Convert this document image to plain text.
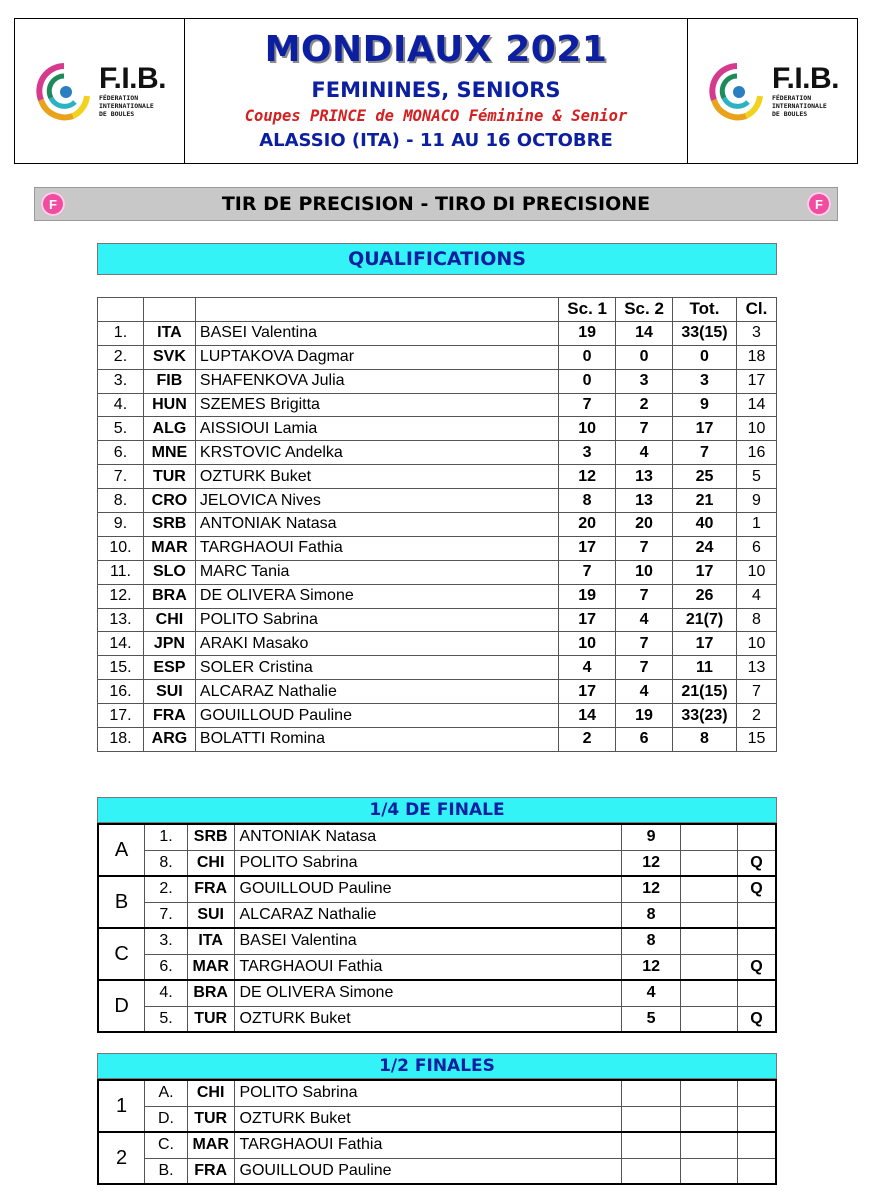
F.I.B.
FÉDERATION
INTERNATIONALE
DE BOULES
MONDIAUX 2021
FEMININES, SENIORS
Coupes PRINCE de MONACO Féminine & Senior
ALASSIO (ITA) - 11 AU 16 OCTOBRE
F.I.B.
FÉDERATION
INTERNATIONALE
DE BOULES
F	TIR DE PRECISION - TIRO DI PRECISIONE	F
QUALIFICATIONS
			Sc. 1	Sc. 2	Tot.	Cl.
1.	ITA	BASEI Valentina	19	14	33(15)	3
2.	SVK	LUPTAKOVA Dagmar	0	0	0	18
3.	FIB	SHAFENKOVA Julia	0	3	3	17
4.	HUN	SZEMES Brigitta	7	2	9	14
5.	ALG	AISSIOUI Lamia	10	7	17	10
6.	MNE	KRSTOVIC Andelka	3	4	7	16
7.	TUR	OZTURK Buket	12	13	25	5
8.	CRO	JELOVICA Nives	8	13	21	9
9.	SRB	ANTONIAK Natasa	20	20	40	1
10.	MAR	TARGHAOUI Fathia	17	7	24	6
11.	SLO	MARC Tania	7	10	17	10
12.	BRA	DE OLIVERA Simone	19	7	26	4
13.	CHI	POLITO Sabrina	17	4	21(7)	8
14.	JPN	ARAKI Masako	10	7	17	10
15.	ESP	SOLER Cristina	4	7	11	13
16.	SUI	ALCARAZ Nathalie	17	4	21(15)	7
17.	FRA	GOUILLOUD Pauline	14	19	33(23)	2
18.	ARG	BOLATTI Romina	2	6	8	15
1/4 DE FINALE
A	1.	SRB	ANTONIAK Natasa	9		
	8.	CHI	POLITO Sabrina	12		Q
B	2.	FRA	GOUILLOUD Pauline	12		Q
	7.	SUI	ALCARAZ Nathalie	8		
C	3.	ITA	BASEI Valentina	8		
	6.	MAR	TARGHAOUI Fathia	12		Q
D	4.	BRA	DE OLIVERA Simone	4		
	5.	TUR	OZTURK Buket	5		Q
1/2 FINALES
1	A.	CHI	POLITO Sabrina			
	D.	TUR	OZTURK Buket			
2	C.	MAR	TARGHAOUI Fathia			
	B.	FRA	GOUILLOUD Pauline			
